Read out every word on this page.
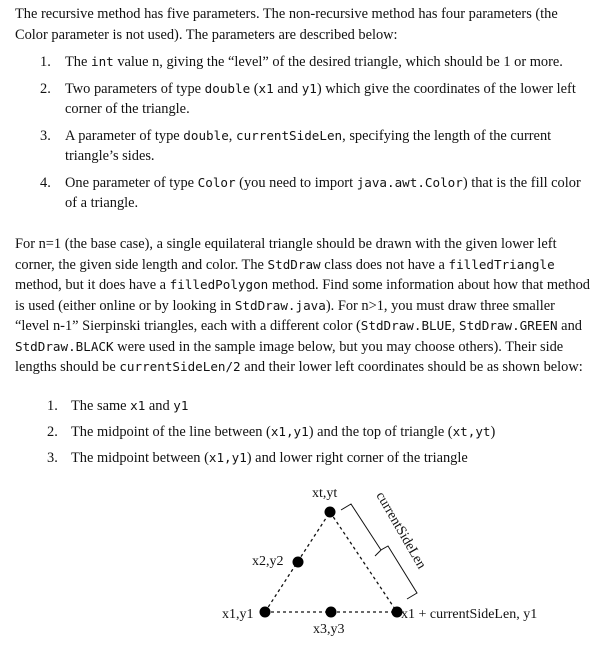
The recursive method has five parameters. The non-recursive method has four parameters (the Color parameter is not used). The parameters are described below:

1. The int value n, giving the “level” of the desired triangle, which should be 1 or more.
2. Two parameters of type double (x1 and y1) which give the coordinates of the lower left corner of the triangle.
3. A parameter of type double, currentSideLen, specifying the length of the current triangle’s sides.
4. One parameter of type Color (you need to import java.awt.Color) that is the fill color of a triangle.

For n=1 (the base case), a single equilateral triangle should be drawn with the given lower left corner, the given side length and color. The StdDraw class does not have a filledTriangle method, but it does have a filledPolygon method. Find some information about how that method is used (either online or by looking in StdDraw.java). For n>1, you must draw three smaller “level n-1” Sierpinski triangles, each with a different color (StdDraw.BLUE, StdDraw.GREEN and StdDraw.BLACK were used in the sample image below, but you may choose others). Their side lengths should be currentSideLen/2 and their lower left coordinates should be as shown below:

1. The same x1 and y1
2. The midpoint of the line between (x1,y1) and the top of triangle (xt,yt)
3. The midpoint between (x1,y1) and lower right corner of the triangle
xt,yt
x2,y2
x1,y1
x3,y3
x1 + currentSideLen, y1
currentSideLen
